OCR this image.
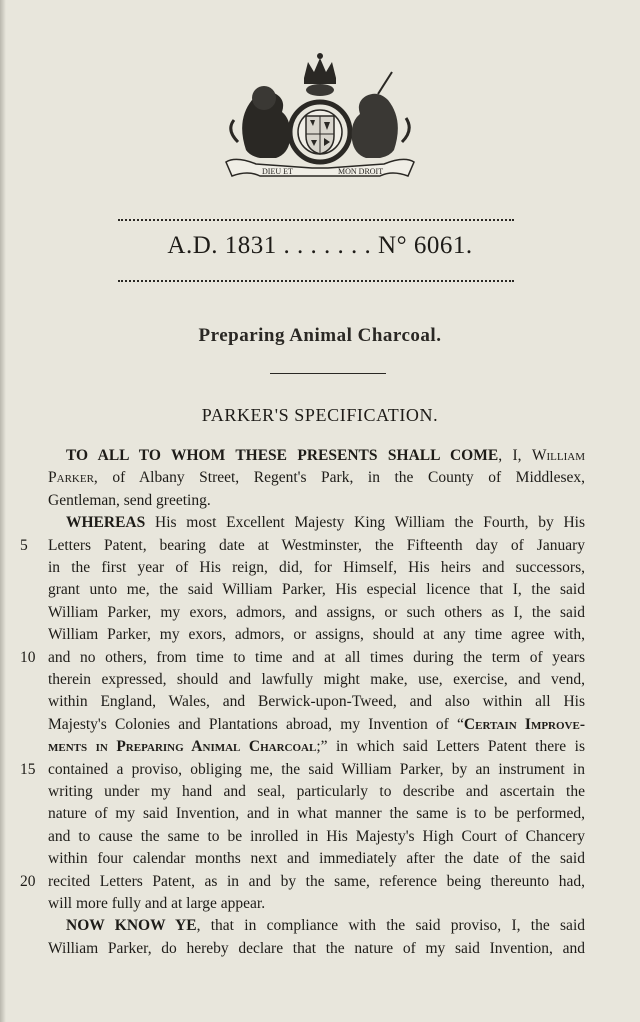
DIEU ET	MON DROIT
A.D. 1831 . . . . . . . N° 6061.
Preparing Animal Charcoal.
PARKER'S SPECIFICATION.
TO ALL TO WHOM THESE PRESENTS SHALL COME, I, William
Parker, of Albany Street, Regent's Park, in the County of Middlesex,
Gentleman, send greeting.
WHEREAS His most Excellent Majesty King William the Fourth, by His
Letters Patent, bearing date at Westminster, the Fifteenth day of January
in the first year of His reign, did, for Himself, His heirs and successors,
grant unto me, the said William Parker, His especial licence that I, the said
William Parker, my exors, admors, and assigns, or such others as I, the said
William Parker, my exors, admors, or assigns, should at any time agree with,
and no others, from time to time and at all times during the term of years
therein expressed, should and lawfully might make, use, exercise, and vend,
within England, Wales, and Berwick-upon-Tweed, and also within all His
Majesty's Colonies and Plantations abroad, my Invention of “Certain Improve-
ments in Preparing Animal Charcoal;” in which said Letters Patent there is
contained a proviso, obliging me, the said William Parker, by an instrument in
writing under my hand and seal, particularly to describe and ascertain the
nature of my said Invention, and in what manner the same is to be performed,
and to cause the same to be inrolled in His Majesty's High Court of Chancery
within four calendar months next and immediately after the date of the said
recited Letters Patent, as in and by the same, reference being thereunto had,
will more fully and at large appear.
NOW KNOW YE, that in compliance with the said proviso, I, the said
William Parker, do hereby declare that the nature of my said Invention, and
5
10
15
20
